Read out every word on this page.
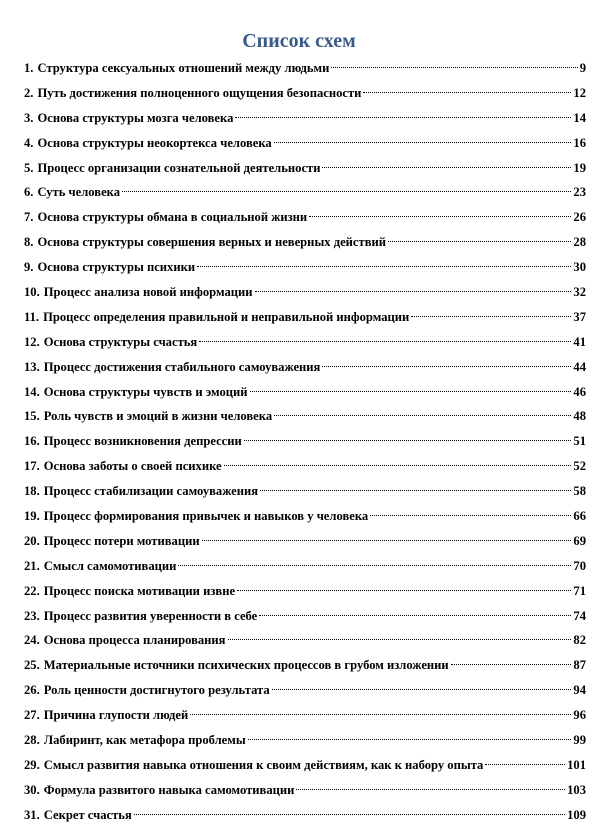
Список схем
1. Структура сексуальных отношений между людьми	9
2. Путь достижения полноценного ощущения безопасности	12
3. Основа структуры мозга человека	14
4. Основа структуры неокортекса человека	16
5. Процесс организации сознательной деятельности	19
6. Суть человека	23
7. Основа структуры обмана в социальной жизни	26
8. Основа структуры совершения верных и неверных действий	28
9. Основа структуры психики	30
10. Процесс анализа новой информации	32
11. Процесс определения правильной и неправильной информации	37
12. Основа структуры счастья	41
13. Процесс достижения стабильного самоуважения	44
14. Основа структуры чувств и эмоций	46
15. Роль чувств и эмоций в жизни человека	48
16. Процесс возникновения депрессии	51
17. Основа заботы о своей психике	52
18. Процесс стабилизации самоуважения	58
19. Процесс формирования привычек и навыков у человека	66
20. Процесс потери мотивации	69
21. Смысл самомотивации	70
22. Процесс поиска мотивации извне	71
23. Процесс развития уверенности в себе	74
24. Основа процесса планирования	82
25. Материальные источники психических процессов в грубом изложении	87
26. Роль ценности достигнутого результата	94
27. Причина глупости людей	96
28. Лабиринт, как метафора проблемы	99
29. Смысл развития навыка отношения к своим действиям, как к набору опыта	101
30. Формула развитого навыка самомотивации	103
31. Секрет счастья	109
